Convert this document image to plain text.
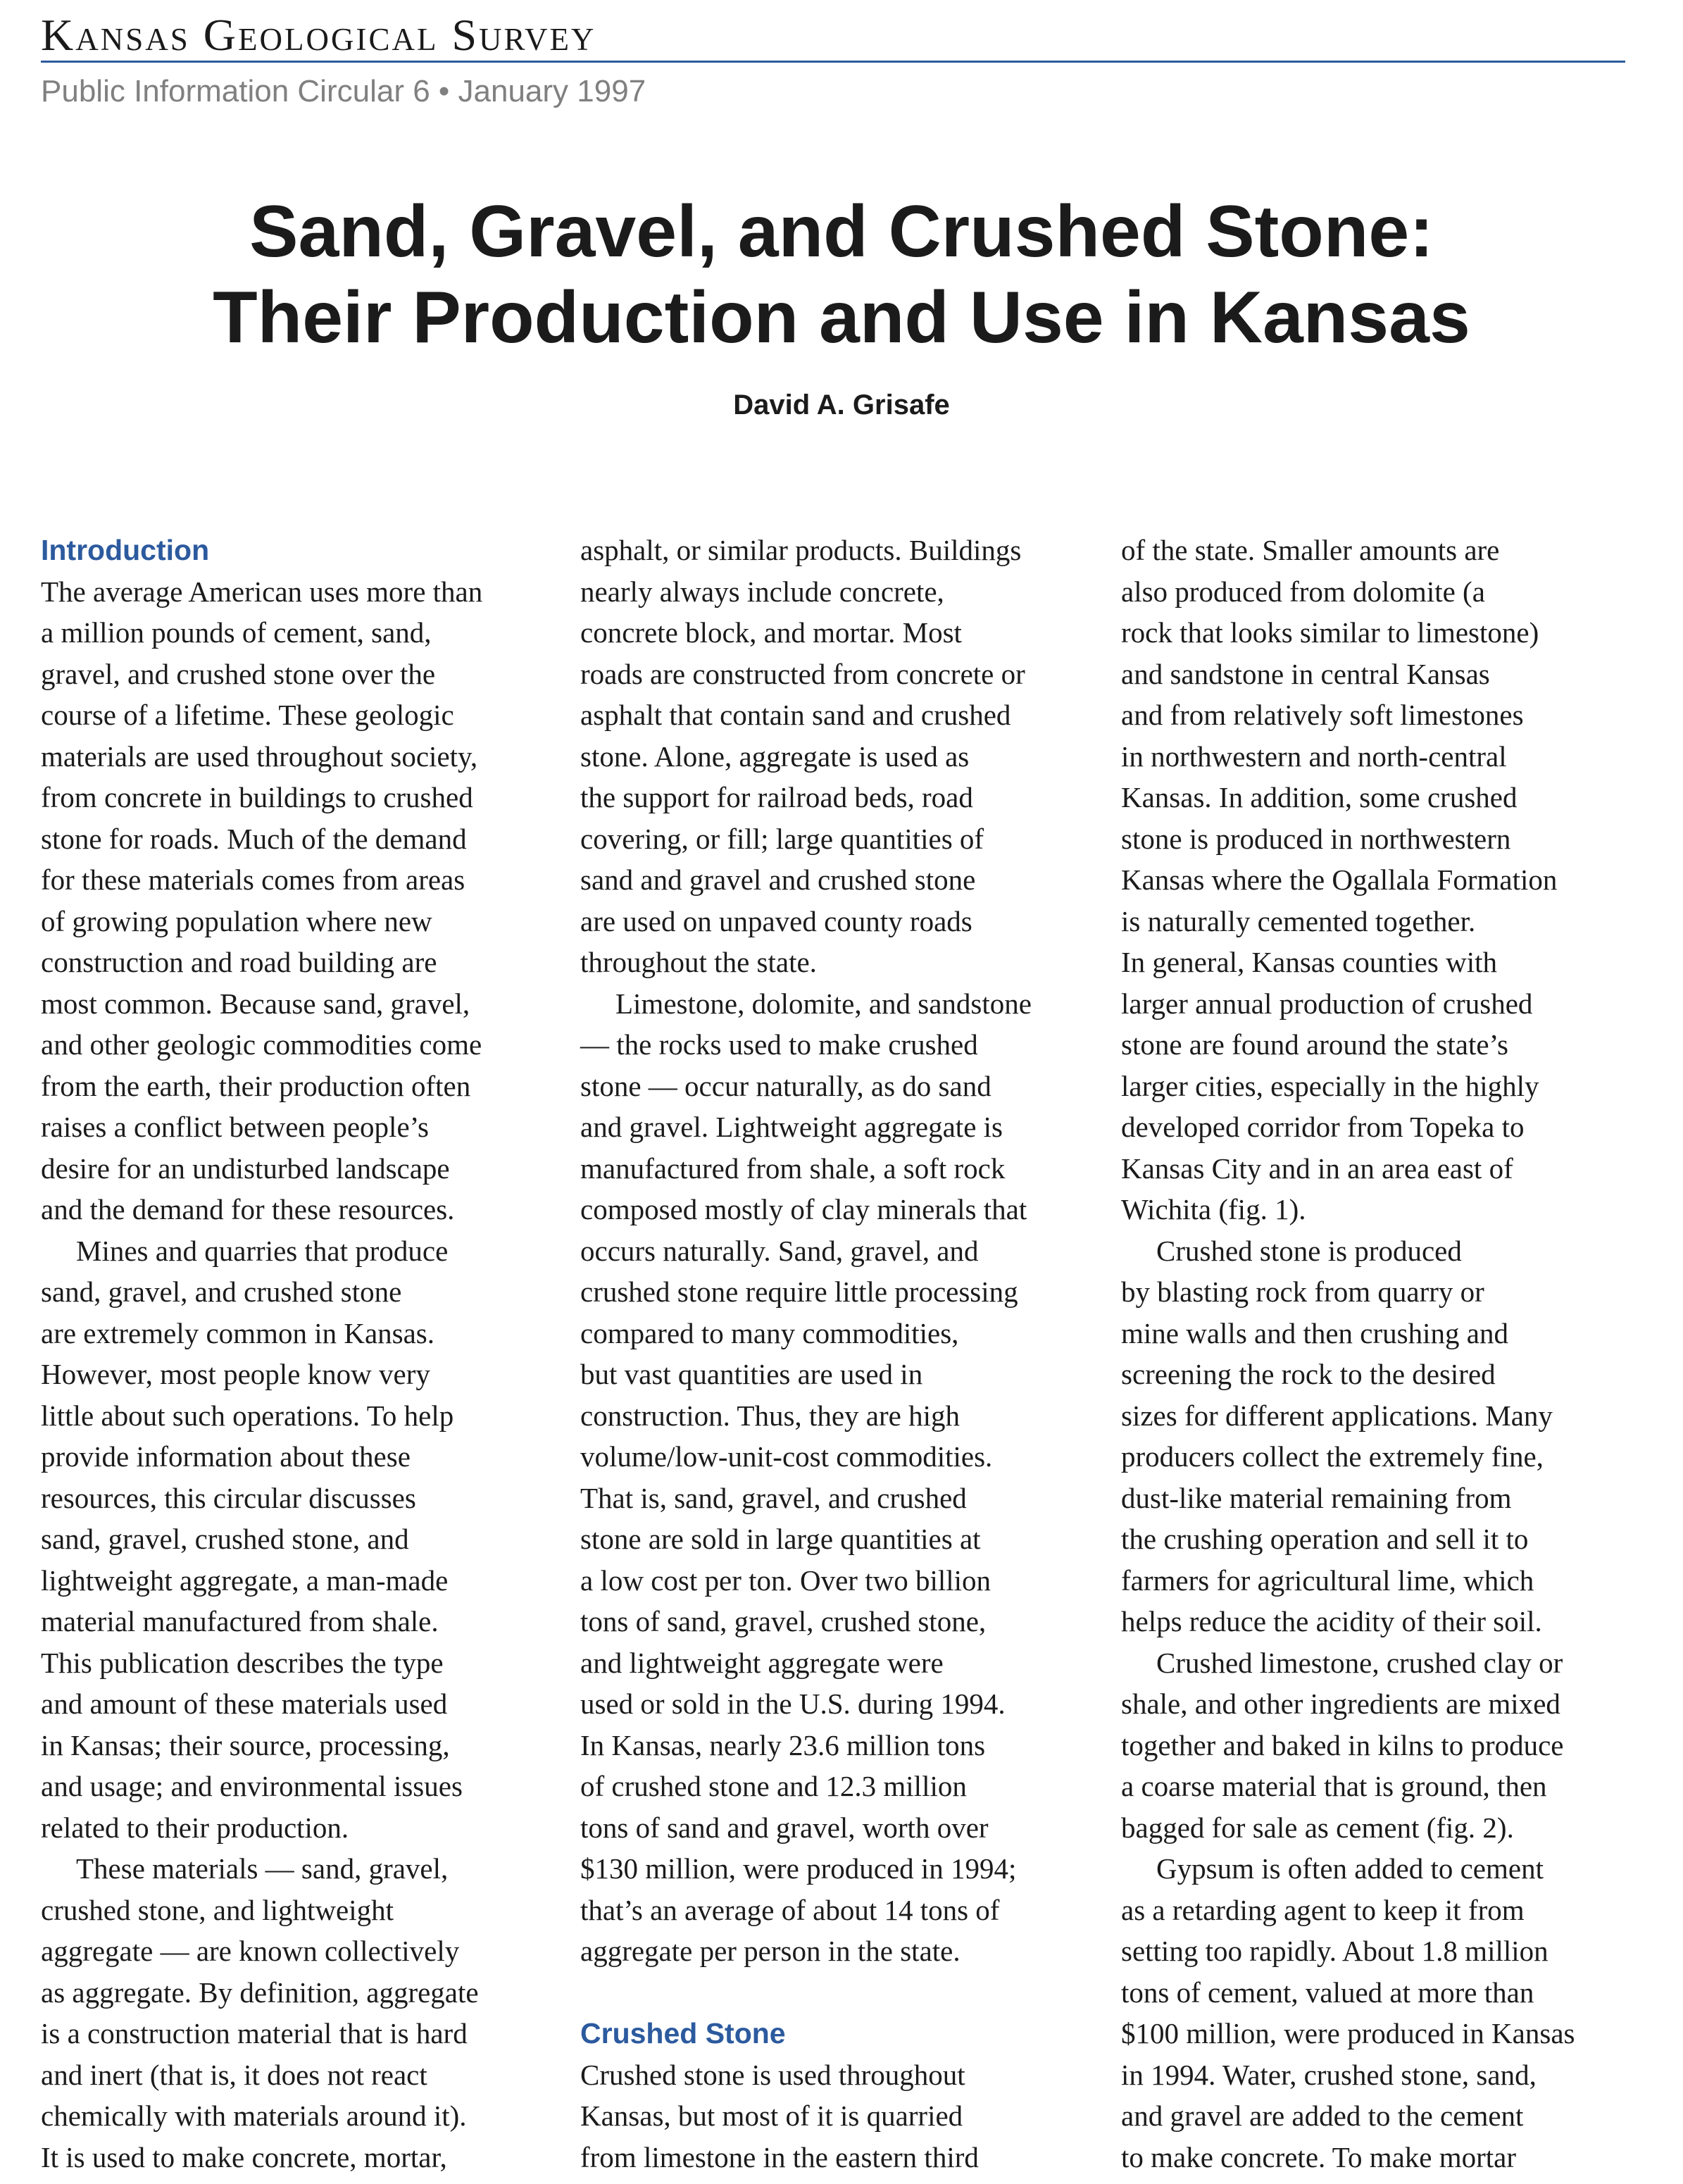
Kansas Geological Survey
Public Information Circular 6 • January 1997
Sand, Gravel, and Crushed Stone:
Their Production and Use in Kansas
David A. Grisafe
Introduction
The average American uses more than
a million pounds of cement, sand,
gravel, and crushed stone over the
course of a lifetime. These geologic
materials are used throughout society,
from concrete in buildings to crushed
stone for roads. Much of the demand
for these materials comes from areas
of growing population where new
construction and road building are
most common. Because sand, gravel,
and other geologic commodities come
from the earth, their production often
raises a conflict between people’s
desire for an undisturbed landscape
and the demand for these resources.
Mines and quarries that produce
sand, gravel, and crushed stone
are extremely common in Kansas.
However, most people know very
little about such operations. To help
provide information about these
resources, this circular discusses
sand, gravel, crushed stone, and
lightweight aggregate, a man-made
material manufactured from shale.
This publication describes the type
and amount of these materials used
in Kansas; their source, processing,
and usage; and environmental issues
related to their production.
These materials — sand, gravel,
crushed stone, and lightweight
aggregate — are known collectively
as aggregate. By definition, aggregate
is a construction material that is hard
and inert (that is, it does not react
chemically with materials around it).
It is used to make concrete, mortar,
asphalt, or similar products. Buildings
nearly always include concrete,
concrete block, and mortar. Most
roads are constructed from concrete or
asphalt that contain sand and crushed
stone. Alone, aggregate is used as
the support for railroad beds, road
covering, or fill; large quantities of
sand and gravel and crushed stone
are used on unpaved county roads
throughout the state.
Limestone, dolomite, and sandstone
— the rocks used to make crushed
stone — occur naturally, as do sand
and gravel. Lightweight aggregate is
manufactured from shale, a soft rock
composed mostly of clay minerals that
occurs naturally. Sand, gravel, and
crushed stone require little processing
compared to many commodities,
but vast quantities are used in
construction. Thus, they are high
volume/low-unit-cost commodities.
That is, sand, gravel, and crushed
stone are sold in large quantities at
a low cost per ton. Over two billion
tons of sand, gravel, crushed stone,
and lightweight aggregate were
used or sold in the U.S. during 1994.
In Kansas, nearly 23.6 million tons
of crushed stone and 12.3 million
tons of sand and gravel, worth over
$130 million, were produced in 1994;
that’s an average of about 14 tons of
aggregate per person in the state.
Crushed Stone
Crushed stone is used throughout
Kansas, but most of it is quarried
from limestone in the eastern third
of the state. Smaller amounts are
also produced from dolomite (a
rock that looks similar to limestone)
and sandstone in central Kansas
and from relatively soft limestones
in northwestern and north-central
Kansas. In addition, some crushed
stone is produced in northwestern
Kansas where the Ogallala Formation
is naturally cemented together.
In general, Kansas counties with
larger annual production of crushed
stone are found around the state’s
larger cities, especially in the highly
developed corridor from Topeka to
Kansas City and in an area east of
Wichita (fig. 1).
Crushed stone is produced
by blasting rock from quarry or
mine walls and then crushing and
screening the rock to the desired
sizes for different applications. Many
producers collect the extremely fine,
dust-like material remaining from
the crushing operation and sell it to
farmers for agricultural lime, which
helps reduce the acidity of their soil.
Crushed limestone, crushed clay or
shale, and other ingredients are mixed
together and baked in kilns to produce
a coarse material that is ground, then
bagged for sale as cement (fig. 2).
Gypsum is often added to cement
as a retarding agent to keep it from
setting too rapidly. About 1.8 million
tons of cement, valued at more than
$100 million, were produced in Kansas
in 1994. Water, crushed stone, sand,
and gravel are added to the cement
to make concrete. To make mortar
